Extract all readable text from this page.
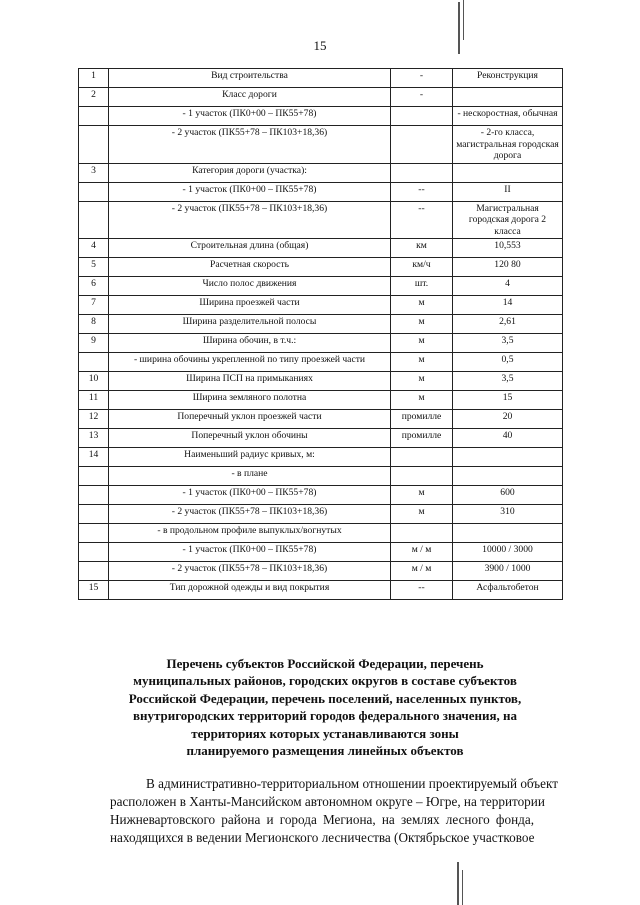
15
1	Вид строительства	-	Реконструкция
2	Класс дороги	-	
	- 1 участок (ПК0+00 – ПК55+78)		- нескоростная, обычная
	- 2 участок (ПК55+78 – ПК103+18,36)		- 2-го класса, магистральная городская дорога
3	Категория дороги (участка):		
	- 1 участок (ПК0+00 – ПК55+78)	--	II
	- 2 участок (ПК55+78 – ПК103+18,36)	--	Магистральная городская дорога 2 класса
4	Строительная длина (общая)	км	10,553
5	Расчетная скорость	км/ч	120 80
6	Число полос движения	шт.	4
7	Ширина проезжей части	м	14
8	Ширина разделительной полосы	м	2,61
9	Ширина обочин, в т.ч.:	м	3,5
	- ширина обочины укрепленной по типу проезжей части	м	0,5
10	Ширина ПСП на примыканиях	м	3,5
11	Ширина земляного полотна	м	15
12	Поперечный уклон проезжей части	промилле	20
13	Поперечный уклон обочины	промилле	40
14	Наименьший радиус кривых, м:		
	- в плане		
	- 1 участок (ПК0+00 – ПК55+78)	м	600
	- 2 участок (ПК55+78 – ПК103+18,36)	м	310
	- в продольном профиле выпуклых/вогнутых		
	- 1 участок (ПК0+00 – ПК55+78)	м / м	10000 / 3000
	- 2 участок (ПК55+78 – ПК103+18,36)	м / м	3900 / 1000
15	Тип дорожной одежды и вид покрытия	--	Асфальтобетон
Перечень субъектов Российской Федерации, перечень
муниципальных районов, городских округов в составе субъектов
Российской Федерации, перечень поселений, населенных пунктов,
внутригородских территорий городов федерального значения, на
территориях которых устанавливаются зоны
планируемого размещения линейных объектов
В административно-территориальном отношении проектируемый объект
расположен в Ханты-Мансийском автономном округе – Югре, на территории
Нижневартовского района и города Мегиона, на землях лесного фонда,
находящихся в ведении Мегионского лесничества (Октябрьское участковое
